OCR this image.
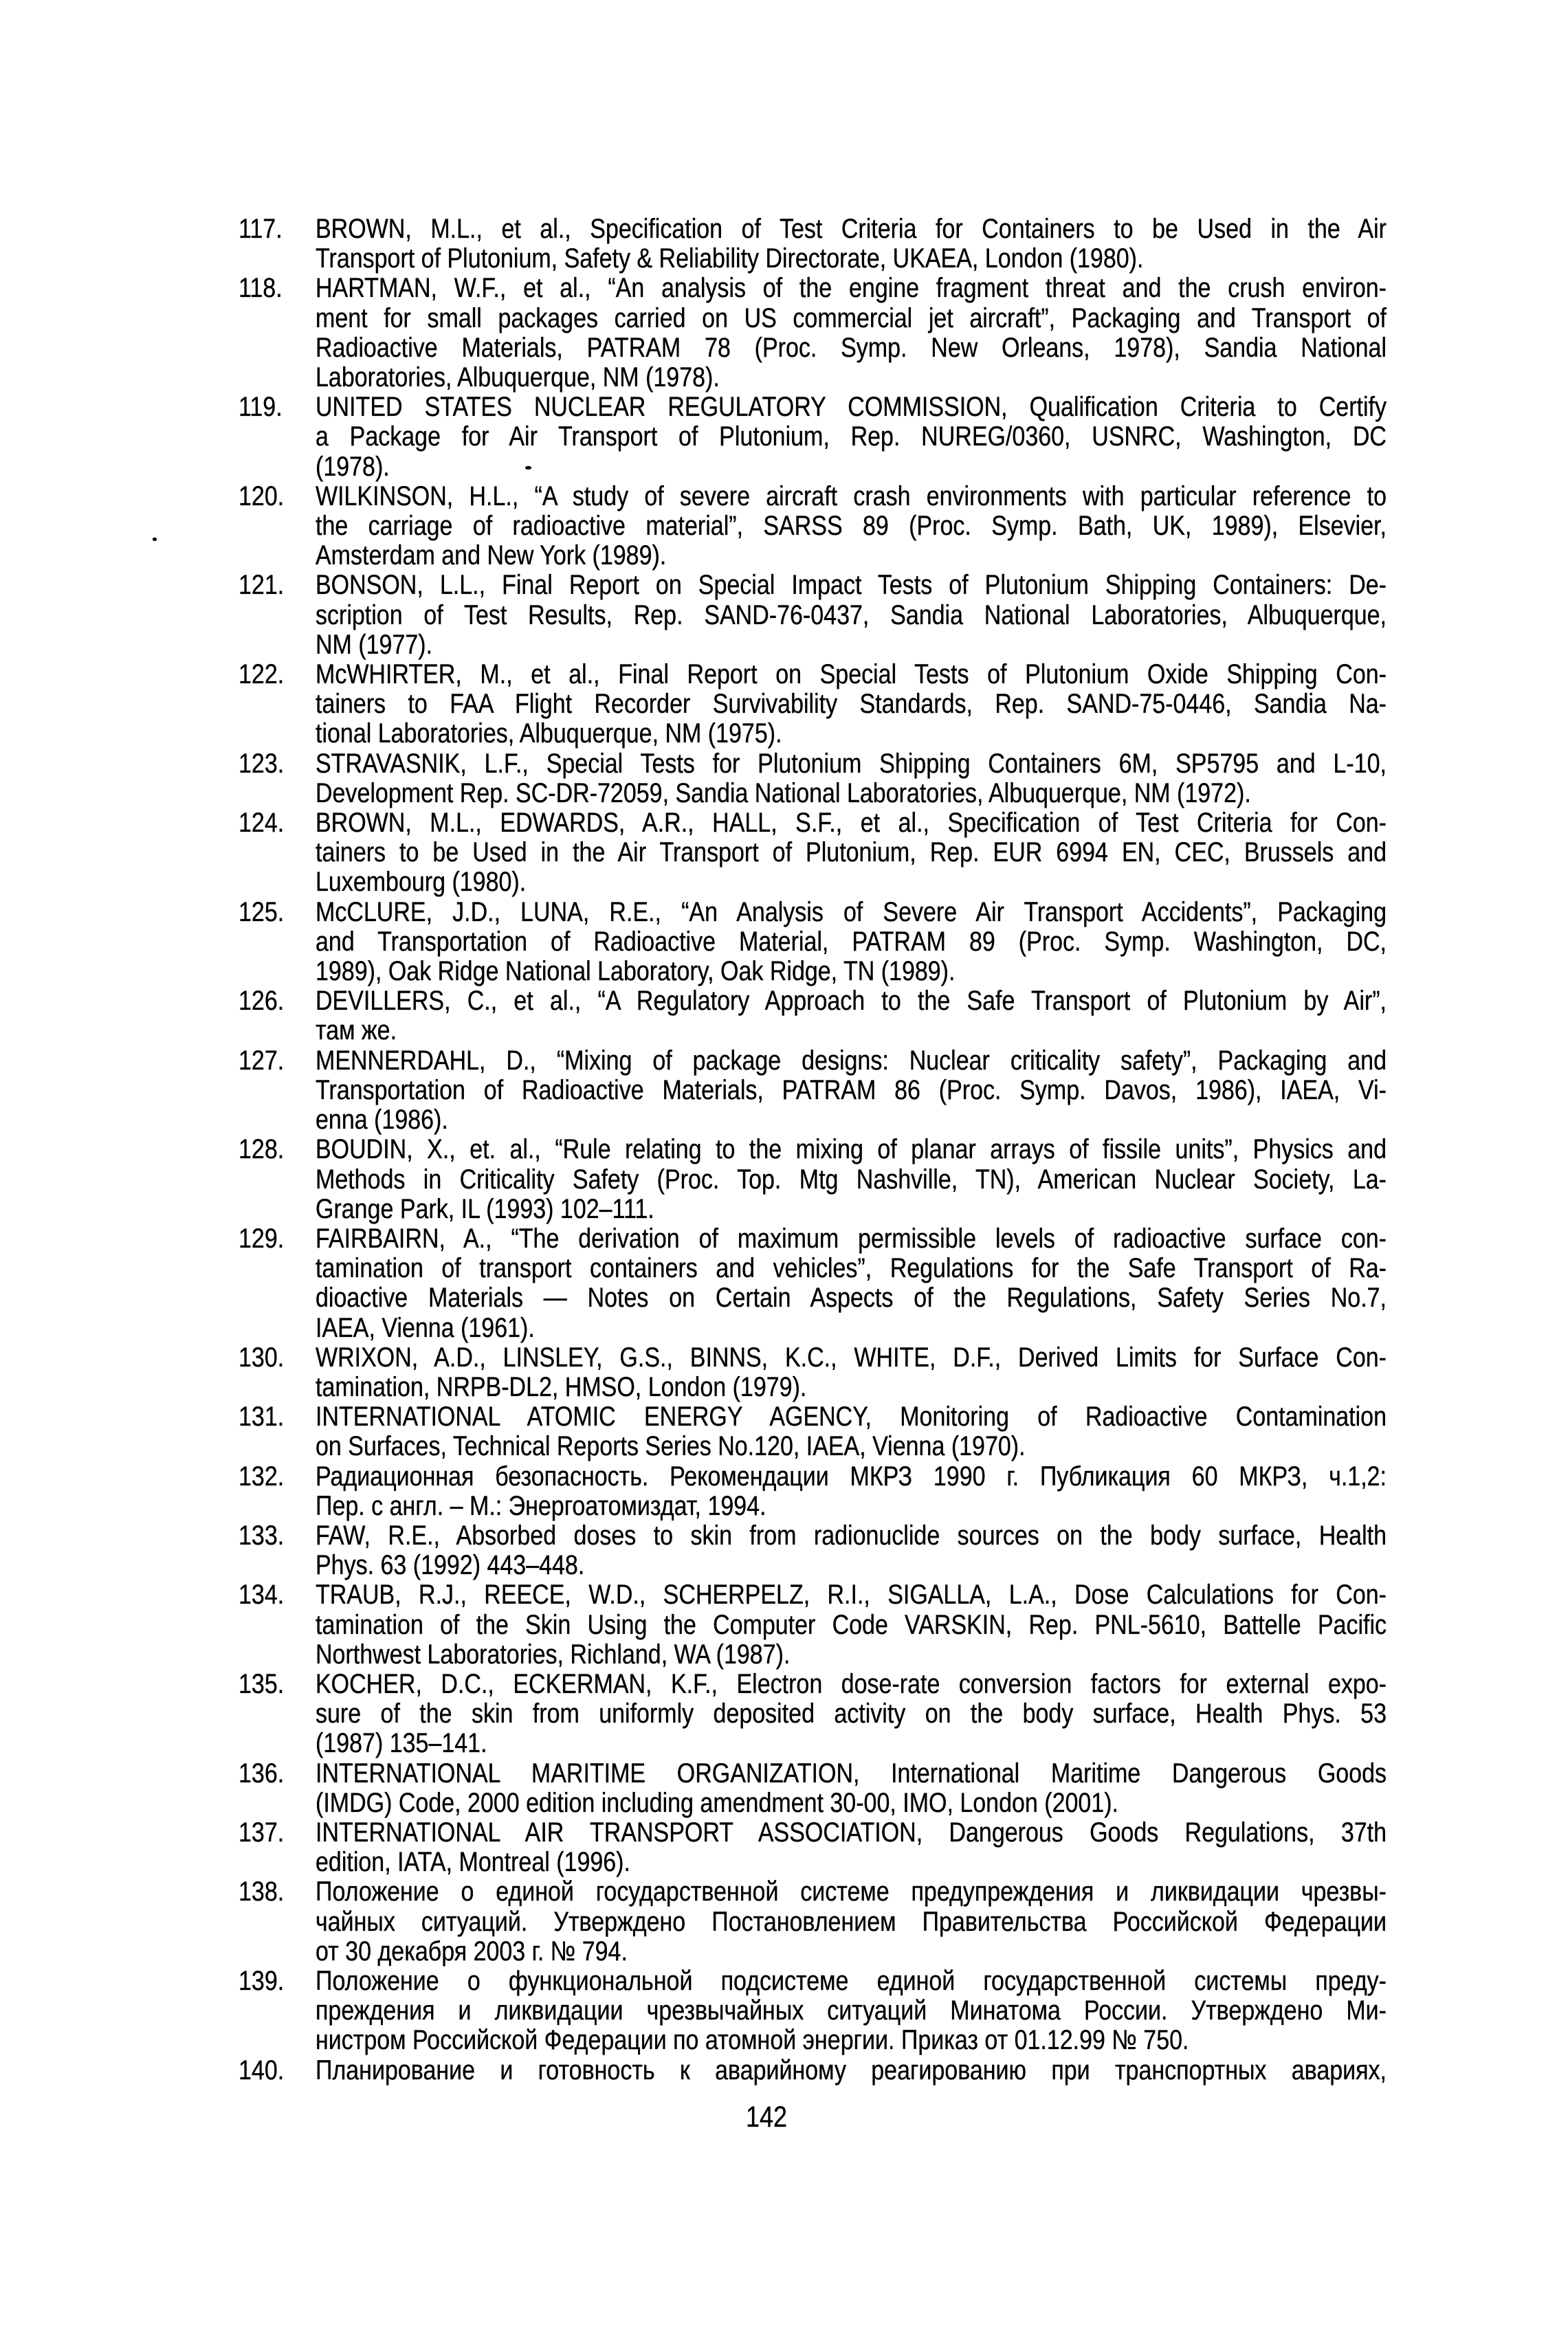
117.	BROWN, M.L., et al., Specification of Test Criteria for Containers to be Used in the Air
Transport of Plutonium, Safety & Reliability Directorate, UKAEA, London (1980).
118.	HARTMAN, W.F., et al., “An analysis of the engine fragment threat and the crush environ-
ment for small packages carried on US commercial jet aircraft”, Packaging and Transport of
Radioactive Materials, PATRAM 78 (Proc. Symp. New Orleans, 1978), Sandia National
Laboratories, Albuquerque, NM (1978).
119.	UNITED STATES NUCLEAR REGULATORY COMMISSION, Qualification Criteria to Certify
a Package for Air Transport of Plutonium, Rep. NUREG/0360, USNRC, Washington, DC
(1978).
120.	WILKINSON, H.L., “A study of severe aircraft crash environments with particular reference to
the carriage of radioactive material”, SARSS 89 (Proc. Symp. Bath, UK, 1989), Elsevier,
Amsterdam and New York (1989).
121.	BONSON, L.L., Final Report on Special Impact Tests of Plutonium Shipping Containers: De-
scription of Test Results, Rep. SAND-76-0437, Sandia National Laboratories, Albuquerque,
NM (1977).
122.	McWHIRTER, M., et al., Final Report on Special Tests of Plutonium Oxide Shipping Con-
tainers to FAA Flight Recorder Survivability Standards, Rep. SAND-75-0446, Sandia Na-
tional Laboratories, Albuquerque, NM (1975).
123.	STRAVASNIK, L.F., Special Tests for Plutonium Shipping Containers 6M, SP5795 and L-10,
Development Rep. SC-DR-72059, Sandia National Laboratories, Albuquerque, NM (1972).
124.	BROWN, M.L., EDWARDS, A.R., HALL, S.F., et al., Specification of Test Criteria for Con-
tainers to be Used in the Air Transport of Plutonium, Rep. EUR 6994 EN, CEC, Brussels and
Luxembourg (1980).
125.	McCLURE, J.D., LUNA, R.E., “An Analysis of Severe Air Transport Accidents”, Packaging
and Transportation of Radioactive Material, PATRAM 89 (Proc. Symp. Washington, DC,
1989), Oak Ridge National Laboratory, Oak Ridge, TN (1989).
126.	DEVILLERS, C., et al., “A Regulatory Approach to the Safe Transport of Plutonium by Air”,
там же.
127.	MENNERDAHL, D., “Mixing of package designs: Nuclear criticality safety”, Packaging and
Transportation of Radioactive Materials, PATRAM 86 (Proc. Symp. Davos, 1986), IAEA, Vi-
enna (1986).
128.	BOUDIN, X., et. al., “Rule relating to the mixing of planar arrays of fissile units”, Physics and
Methods in Criticality Safety (Proc. Top. Mtg Nashville, TN), American Nuclear Society, La-
Grange Park, IL (1993) 102–111.
129.	FAIRBAIRN, A., “The derivation of maximum permissible levels of radioactive surface con-
tamination of transport containers and vehicles”, Regulations for the Safe Transport of Ra-
dioactive Materials — Notes on Certain Aspects of the Regulations, Safety Series No.7,
IAEA, Vienna (1961).
130.	WRIXON, A.D., LINSLEY, G.S., BINNS, K.C., WHITE, D.F., Derived Limits for Surface Con-
tamination, NRPB-DL2, HMSO, London (1979).
131.	INTERNATIONAL ATOMIC ENERGY AGENCY, Monitoring of Radioactive Contamination
on Surfaces, Technical Reports Series No.120, IAEA, Vienna (1970).
132.	Радиационная безопасность. Рекомендации МКРЗ 1990 г. Публикация 60 МКРЗ, ч.1,2:
Пер. с англ. – М.: Энергоатомиздат, 1994.
133.	FAW, R.E., Absorbed doses to skin from radionuclide sources on the body surface, Health
Phys. 63 (1992) 443–448.
134.	TRAUB, R.J., REECE, W.D., SCHERPELZ, R.I., SIGALLA, L.A., Dose Calculations for Con-
tamination of the Skin Using the Computer Code VARSKIN, Rep. PNL-5610, Battelle Pacific
Northwest Laboratories, Richland, WA (1987).
135.	KOCHER, D.C., ECKERMAN, K.F., Electron dose-rate conversion factors for external expo-
sure of the skin from uniformly deposited activity on the body surface, Health Phys. 53
(1987) 135–141.
136.	INTERNATIONAL MARITIME ORGANIZATION, International Maritime Dangerous Goods
(IMDG) Code, 2000 edition including amendment 30-00, IMO, London (2001).
137.	INTERNATIONAL AIR TRANSPORT ASSOCIATION, Dangerous Goods Regulations, 37th
edition, IATA, Montreal (1996).
138.	Положение о единой государственной системе предупреждения и ликвидации чрезвы-
чайных ситуаций. Утверждено Постановлением Правительства Российской Федерации
от 30 декабря 2003 г. № 794.
139.	Положение о функциональной подсистеме единой государственной системы преду-
преждения и ликвидации чрезвычайных ситуаций Минатома России. Утверждено Ми-
нистром Российской Федерации по атомной энергии. Приказ от 01.12.99 № 750.
140.	Планирование и готовность к аварийному реагированию при транспортных авариях,
142
